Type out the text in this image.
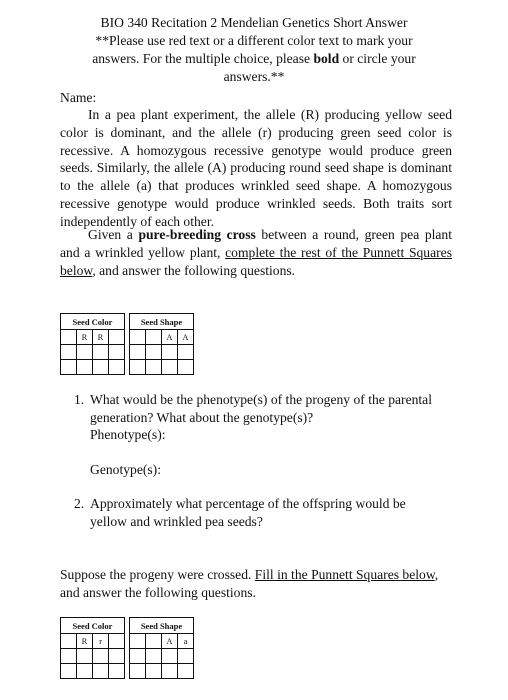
BIO 340 Recitation 2 Mendelian Genetics Short Answer
**Please use red text or a different color text to mark your
answers. For the multiple choice, please bold or circle your
answers.**
Name:
In a pea plant experiment, the allele (R) producing yellow seed color is dominant, and the allele (r) producing green seed color is recessive. A homozygous recessive genotype would produce green seeds. Similarly, the allele (A) producing round seed shape is dominant to the allele (a) that produces wrinkled seed shape. A homozygous recessive genotype would produce wrinkled seeds. Both traits sort independently of each other.
Given a pure-breeding cross between a round, green pea plant and a wrinkled yellow plant, complete the rest of the Punnett Squares below, and answer the following questions.
Seed Color					Seed Shape			
	R	R					A	A

1. What would be the phenotype(s) of the progeny of the parental generation? What about the genotype(s)?
Phenotype(s):
Genotype(s):
2. Approximately what percentage of the offspring would be yellow and wrinkled pea seeds?
Suppose the progeny were crossed. Fill in the Punnett Squares below, and answer the following questions.
Seed Color					Seed Shape			
	R	r					A	a
